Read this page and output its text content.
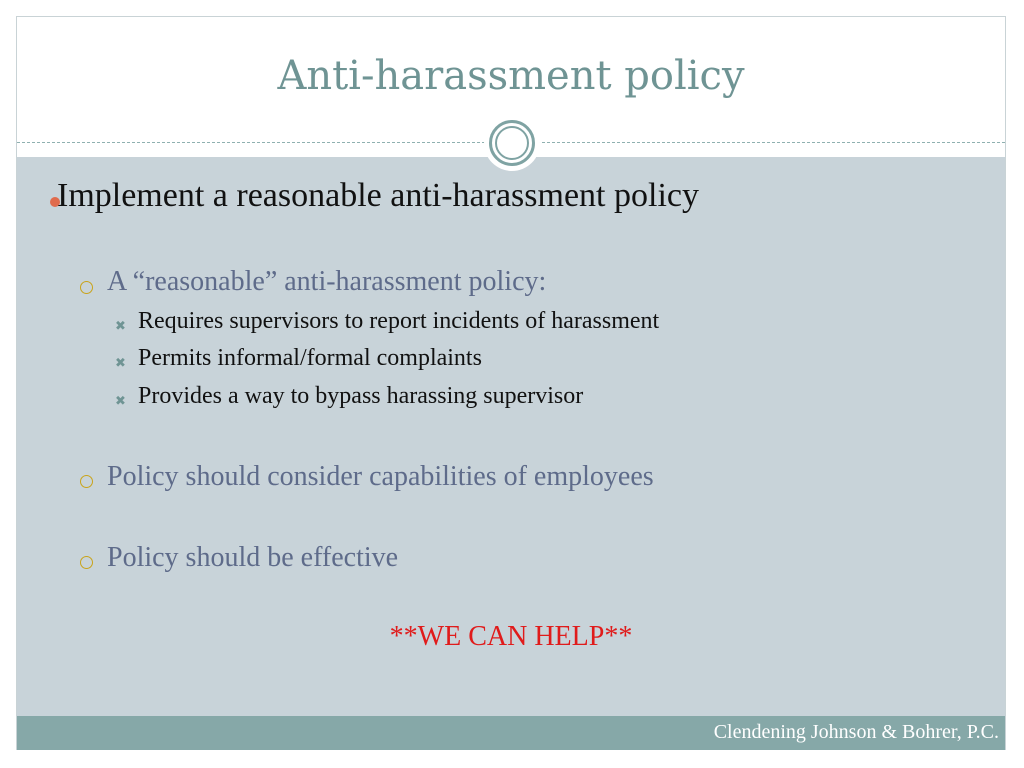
Anti-harassment policy
Implement a reasonable anti-harassment policy
A “reasonable” anti-harassment policy:
✖ Requires supervisors to report incidents of harassment
✖ Permits informal/formal complaints
✖ Provides a way to bypass harassing supervisor
Policy should consider capabilities of employees
Policy should be effective
**WE CAN HELP**
Clendening Johnson & Bohrer, P.C.
